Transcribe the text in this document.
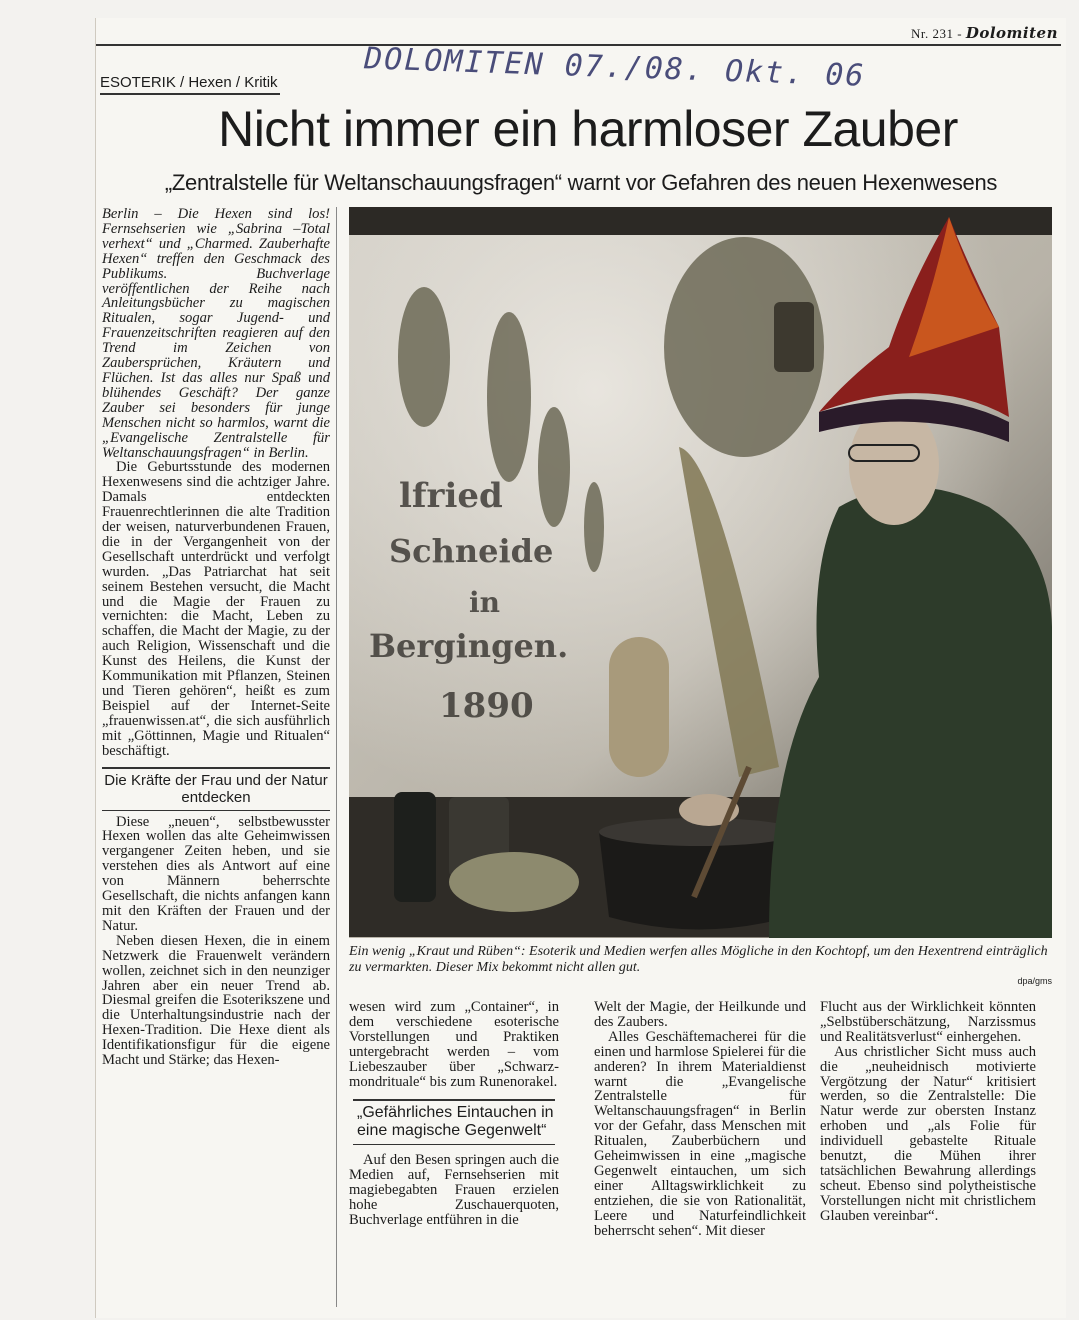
Nr. 231 - Dolomiten
DOLOMITEN 07./08. Okt. 06
ESOTERIK / Hexen / Kritik
Nicht immer ein harmloser Zauber
„Zentralstelle für Weltanschauungsfragen“ warnt vor Gefahren des neuen Hexenwesens

Berlin – Die Hexen sind los! Fernsehserien wie „Sabrina –Total verhext“ und „Charmed. Zauberhafte Hexen“ treffen den Geschmack des Publikums. Buchverlage veröffentlichen der Reihe nach Anleitungsbücher zu magischen Ritualen, sogar Jugend- und Frauenzeitschriften reagieren auf den Trend im Zeichen von Zaubersprüchen, Kräutern und Flüchen. Ist das alles nur Spaß und blühendes Geschäft? Der ganze Zauber sei besonders für junge Menschen nicht so harmlos, warnt die „Evangelische Zentralstelle für Weltanschauungsfragen“ in Berlin.

Die Geburtsstunde des modernen Hexenwesens sind die achtziger Jahre. Damals entdeckten Frauenrechtlerinnen die alte Tradition der weisen, naturverbundenen Frauen, die in der Vergangenheit von der Gesellschaft unterdrückt und verfolgt wurden. „Das Patriarchat hat seit seinem Bestehen versucht, die Macht und die Magie der Frauen zu vernichten: die Macht, Leben zu schaffen, die Macht der Magie, zu der auch Religion, Wissenschaft und die Kunst des Heilens, die Kunst der Kommunikation mit Pflanzen, Steinen und Tieren gehören“, heißt es zum Beispiel auf der Internet-Seite „frauenwissen.at“, die sich ausführlich mit „Göttinnen, Magie und Ritualen“ beschäftigt.

Die Kräfte der Frau und der Natur entdecken

Diese „neuen“, selbstbewusster Hexen wollen das alte Geheimwissen vergangener Zeiten heben, und sie verstehen dies als Antwort auf eine von Männern beherrschte Gesellschaft, die nichts anfangen kann mit den Kräften der Frauen und der Natur.

Neben diesen Hexen, die in einem Netzwerk die Frauenwelt verändern wollen, zeichnet sich in den neunziger Jahren aber ein neuer Trend ab. Diesmal greifen die Esoterikszene und die Unterhaltungsindustrie nach der Hexen-Tradition. Die Hexe dient als Identifikationsfigur für die eigene Macht und Stärke; das Hexen-

lfried
Schneide
in
Bergingen.
1890
Ein wenig „Kraut und Rüben“: Esoterik und Medien werfen alles Mögliche in den Kochtopf, um den Hexentrend einträglich zu vermarkten. Dieser Mix bekommt nicht allen gut.
dpa/gms

wesen wird zum „Container“, in dem verschiedene esoterische Vorstellungen und Praktiken untergebracht werden – vom Liebeszauber über „Schwarz-mondrituale“ bis zum Runenorakel.

„Gefährliches Eintauchen in eine magische Gegenwelt“

Auf den Besen springen auch die Medien auf, Fernsehserien mit magiebegabten Frauen erzielen hohe Zuschauerquoten, Buchverlage entführen in die

Welt der Magie, der Heilkunde und des Zaubers.

Alles Geschäftemacherei für die einen und harmlose Spielerei für die anderen? In ihrem Materialdienst warnt die „Evangelische Zentralstelle für Weltanschauungsfragen“ in Berlin vor der Gefahr, dass Menschen mit Ritualen, Zauberbüchern und Geheimwissen in eine „magische Gegenwelt eintauchen, um sich einer Alltagswirklichkeit zu entziehen, die sie von Rationalität, Leere und Naturfeindlichkeit beherrscht sehen“. Mit dieser

Flucht aus der Wirklichkeit könnten „Selbstüberschätzung, Narzissmus und Realitätsverlust“ einhergehen.

Aus christlicher Sicht muss auch die „neuheidnisch motivierte Vergötzung der Natur“ kritisiert werden, so die Zentralstelle: Die Natur werde zur obersten Instanz erhoben und „als Folie für individuell gebastelte Rituale benutzt, die Mühen ihrer tatsächlichen Bewahrung allerdings scheut. Ebenso sind polytheistische Vorstellungen nicht mit christlichem Glauben vereinbar“.
